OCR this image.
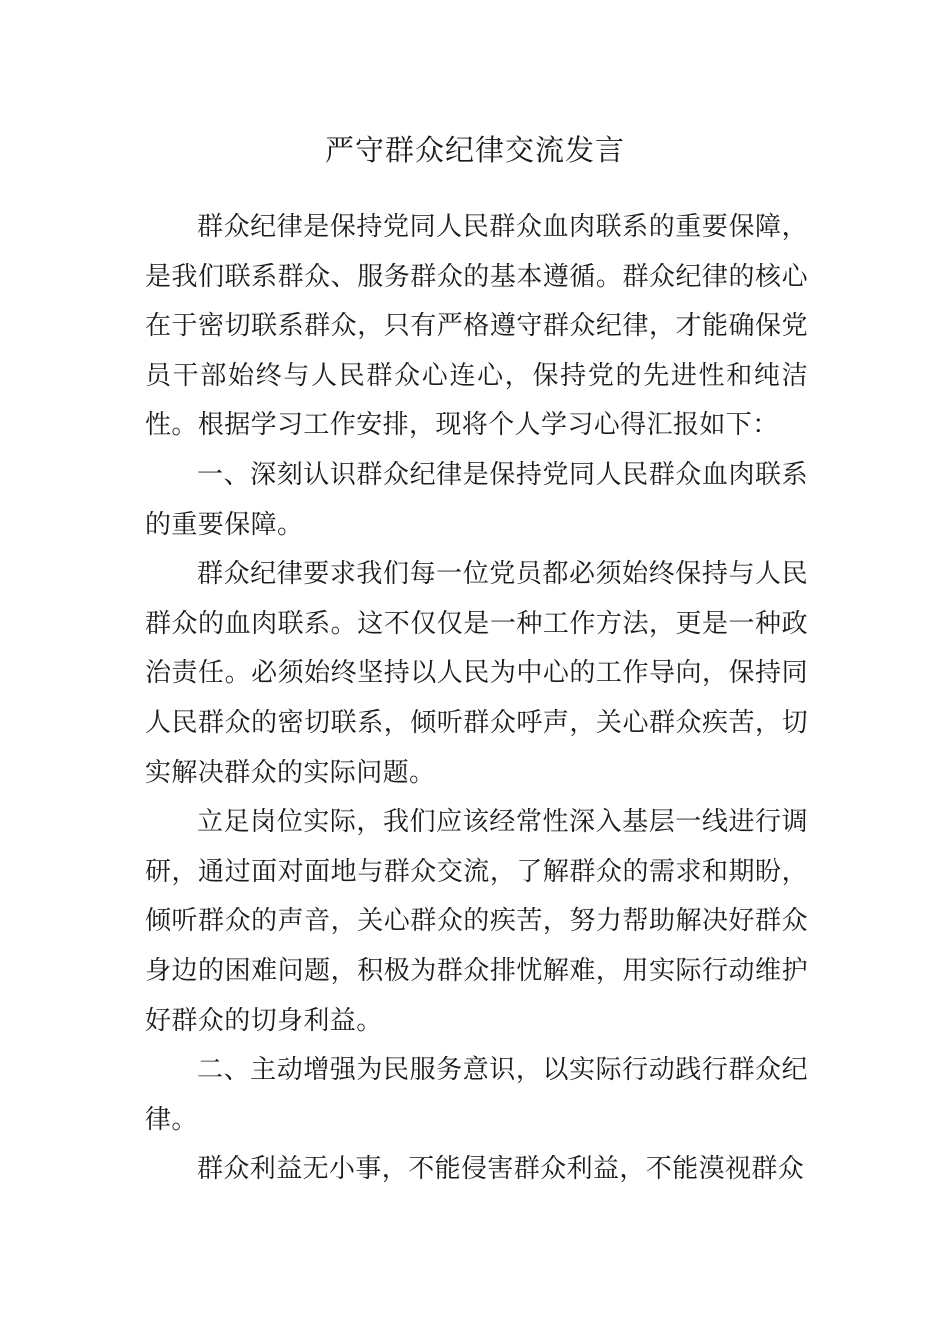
严守群众纪律交流发言

群众纪律是保持党同人民群众血肉联系的重要保障，是我们联系群众、服务群众的基本遵循。群众纪律的核心在于密切联系群众，只有严格遵守群众纪律，才能确保党员干部始终与人民群众心连心，保持党的先进性和纯洁性。根据学习工作安排，现将个人学习心得汇报如下：

一、深刻认识群众纪律是保持党同人民群众血肉联系的重要保障。

群众纪律要求我们每一位党员都必须始终保持与人民群众的血肉联系。这不仅仅是一种工作方法，更是一种政治责任。必须始终坚持以人民为中心的工作导向，保持同人民群众的密切联系，倾听群众呼声，关心群众疾苦，切实解决群众的实际问题。

立足岗位实际，我们应该经常性深入基层一线进行调研，通过面对面地与群众交流，了解群众的需求和期盼，倾听群众的声音，关心群众的疾苦，努力帮助解决好群众身边的困难问题，积极为群众排忧解难，用实际行动维护好群众的切身利益。

二、主动增强为民服务意识，以实际行动践行群众纪律。

群众利益无小事，不能侵害群众利益，不能漠视群众
